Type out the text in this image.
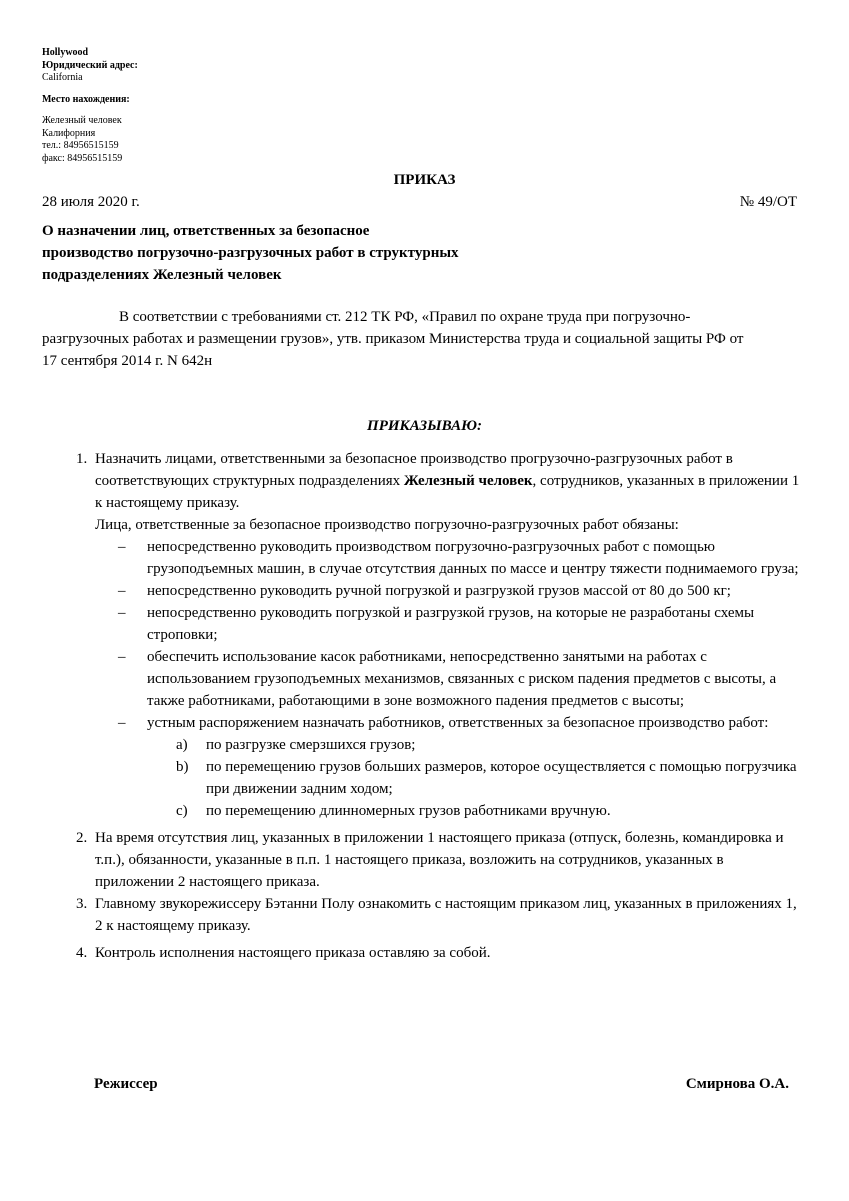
Hollywood
Юридический адрес:
California
Место нахождения:
Железный человек
Калифорния
тел.: 84956515159
факс: 84956515159
ПРИКАЗ
28 июля 2020 г.	№ 49/ОТ
О назначении лиц, ответственных за безопасное производство погрузочно-разгрузочных работ в структурных подразделениях Железный человек
В соответствии с требованиями ст. 212 ТК РФ, «Правил по охране труда при погрузочно-разгрузочных работах и размещении грузов», утв. приказом Министерства труда и социальной защиты РФ от 17 сентября 2014 г. N 642н
ПРИКАЗЫВАЮ:
1. Назначить лицами, ответственными за безопасное производство прогрузочно-разгрузочных работ в соответствующих структурных подразделениях Железный человек, сотрудников, указанных в приложении 1 к настоящему приказу.

Лица, ответственные за безопасное производство погрузочно-разгрузочных работ обязаны:

– непосредственно руководить производством погрузочно-разгрузочных работ с помощью грузоподъемных машин, в случае отсутствия данных по массе и центру тяжести поднимаемого груза;
– непосредственно руководить ручной погрузкой и разгрузкой грузов массой от 80 до 500 кг;
– непосредственно руководить погрузкой и разгрузкой грузов, на которые не разработаны схемы строповки;
– обеспечить использование касок работниками, непосредственно занятыми на работах с использованием грузоподъемных механизмов, связанных с риском падения предметов с высоты, а также работниками, работающими в зоне возможного падения предметов с высоты;
– устным распоряжением назначать работников, ответственных за безопасное производство работ:
a) по разгрузке смерзшихся грузов;
b) по перемещению грузов больших размеров, которое осуществляется с помощью погрузчика при движении задним ходом;
c) по перемещению длинномерных грузов работниками вручную.
2. На время отсутствия лиц, указанных в приложении 1 настоящего приказа (отпуск, болезнь, командировка и т.п.), обязанности, указанные в п.п. 1 настоящего приказа, возложить на сотрудников, указанных в приложении 2 настоящего приказа.

3. Главному звукорежиссеру Бэтанни Полу ознакомить с настоящим приказом лиц, указанных в приложениях 1, 2 к настоящему приказу.

4. Контроль исполнения настоящего приказа оставляю за собой.

Режиссер	Смирнова О.А.
